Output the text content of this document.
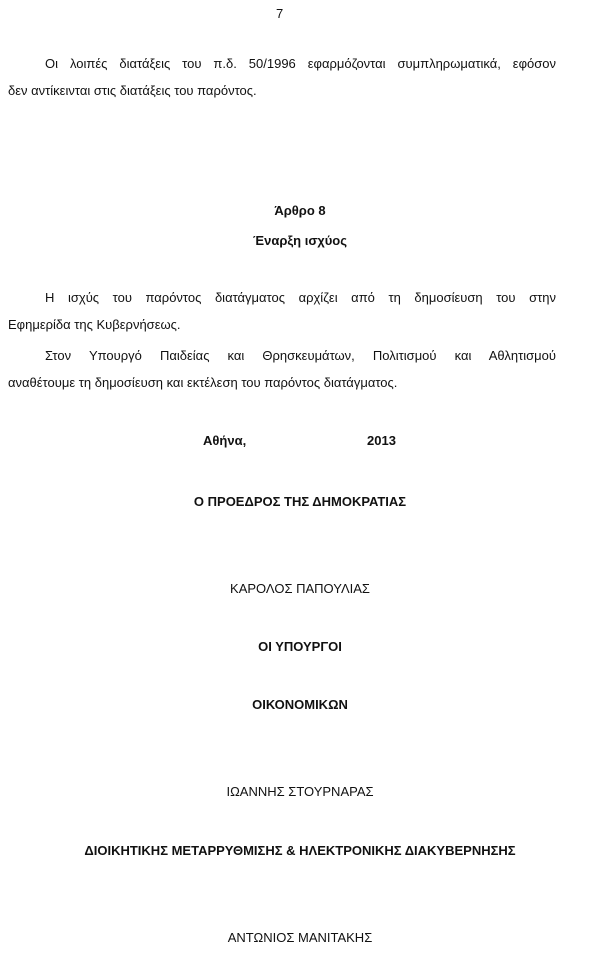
7
Οι λοιπές διατάξεις του π.δ. 50/1996 εφαρμόζονται συμπληρωματικά, εφόσον
δεν αντίκεινται στις διατάξεις του παρόντος.
Άρθρο 8
Έναρξη ισχύος
Η ισχύς του παρόντος διατάγματος αρχίζει από τη δημοσίευση του στην
Εφημερίδα της Κυβερνήσεως.
Στον Υπουργό Παιδείας και Θρησκευμάτων, Πολιτισμού και Αθλητισμού
αναθέτουμε τη δημοσίευση και εκτέλεση του παρόντος διατάγματος.
Αθήνα,	2013
Ο ΠΡΟΕΔΡΟΣ ΤΗΣ ΔΗΜΟΚΡΑΤΙΑΣ
ΚΑΡΟΛΟΣ ΠΑΠΟΥΛΙΑΣ
ΟΙ ΥΠΟΥΡΓΟΙ
ΟΙΚΟΝΟΜΙΚΩΝ
ΙΩΑΝΝΗΣ ΣΤΟΥΡΝΑΡΑΣ
ΔΙΟΙΚΗΤΙΚΗΣ ΜΕΤΑΡΡΥΘΜΙΣΗΣ & ΗΛΕΚΤΡΟΝΙΚΗΣ ΔΙΑΚΥΒΕΡΝΗΣΗΣ
ΑΝΤΩΝΙΟΣ ΜΑΝΙΤΑΚΗΣ
